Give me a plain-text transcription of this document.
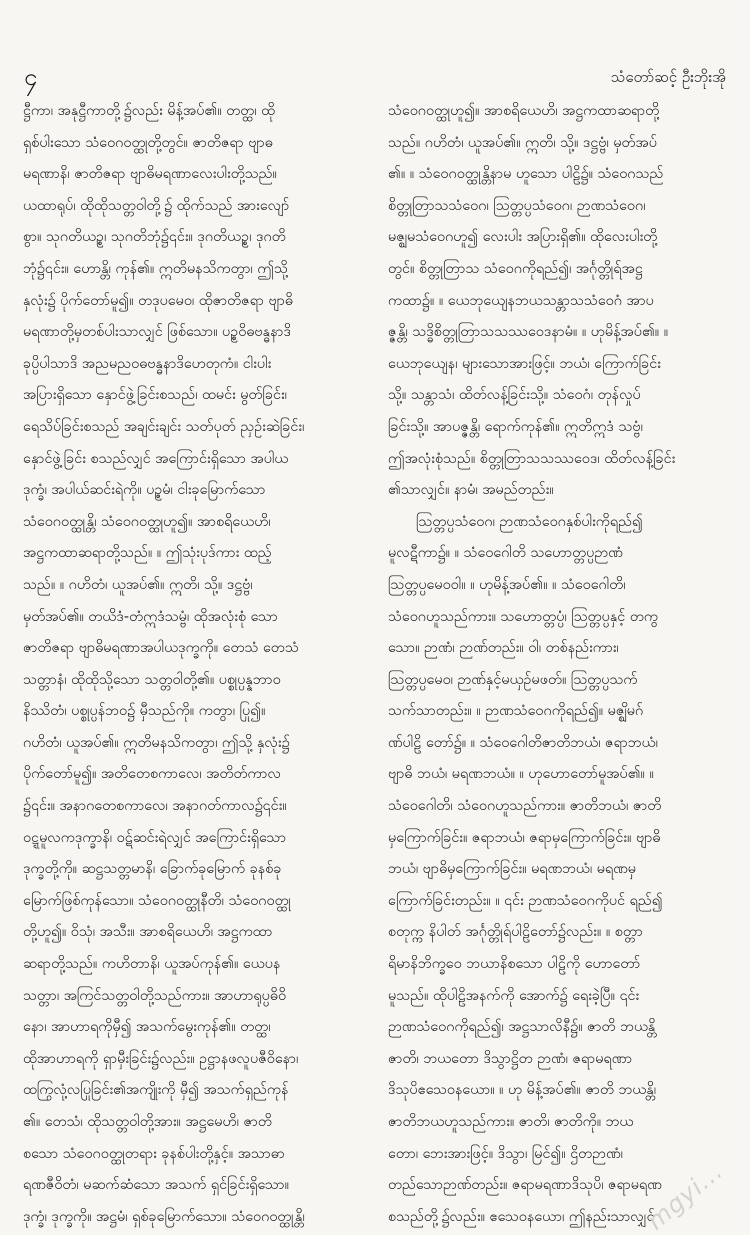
၄	သံတော်ဆင့် ဦးဘိုးအို
ဋ္ဌီကာ၊ အနုဋ္ဌီကာတို့၌လည်း မိန့်အပ်၏။ တတ္ထ၊ ထို
ရှစ်ပါးသော သံဝေဂဝတ္ထုတို့တွင်။ ဇာတိဇရာ ဗျာဓ
မရဏာနိ၊ ဇာတိဇရာ ဗျာဓိမရဏာလေးပါးတို့သည်။
ယထာရုပ်၊ ထိုထိုသတ္တဝါတို့၌ ထိုက်သည် အားလျော်
စွာ။ သုဂတိယဥ္စ၊ သုဂတိဘုံ၌၎င်း။ ဒုဂတိယဥ္စ၊ ဒုဂတိ
ဘုံ၌၎င်း။ ဟောန္တိ၊ ကုန်၏။ ဣတိမနသိကတွာ၊ ဤသို့
နှလုံး၌ ပိုက်တော်မူ၍။ တဒုပမေဝ၊ ထိုဇာတိဇရာ ဗျာဓိ
မရဏာတို့မှတစ်ပါးသာလျှင် ဖြစ်သော။ ပဥ္စဝိဓဗန္ဓနာဒိ
ခုပ္ပိပါသာဒိ အညမညဝဓဗန္ဓနာဒိဟေတုကံ။ ငါးပါး
အပြားရှိသော နှောင်ဖွဲ့ခြင်းစသည်၊ ထမင်း မွတ်ခြင်း၊
ရေသိပ်ခြင်းစသည် အချင်းချင်း သတ်ပုတ် ညှဉ်းဆဲခြင်း၊
နှောင်ဖွဲ့ခြင်း စသည်လျှင် အကြောင်းရှိသော အပါယ
ဒုက္ခံ၊ အပါယ်ဆင်းရဲကို။ ပဥ္စမံ၊ ငါးခုမြောက်သော
သံဝေဂဝတ္ထုန္တိ၊ သံဝေဂဝတ္ထုဟူ၍။ အာစရိယေဟိ၊
အဋ္ဌကထာဆရာတို့သည်။ ။ ဤသုံးပုဒ်ကား ထည့်
သည်။ ။ ဂဟိတံ၊ ယူအပ်၏။ ဣတိ၊ သို့။ ဒဋ္ဌဗ္ဗံ၊
မှတ်အပ်၏။ တယိဒံ-တံဣဒံသမ္ဗံ၊ ထိုအလုံးစုံ သော
ဇာတိဇရာ ဗျာဓိမရဏာအပါယဒုက္ခကို။ တေသံ တေသံ
သတ္တာနံ၊ ထိုထိုသို့သော သတ္တဝါတို့၏။ ပစ္စုပ္ပန္နဘာဝ
နိဿိတံ၊ ပစ္စုပ္ပန်ဘဝ၌ မှီသည်ကို။ ကတွာ၊ ပြု၍။
ဂဟိတံ၊ ယူအပ်၏။ ဣတိမနသိကတွာ၊ ဤသို့ နှလုံး၌
ပိုက်တော်မူ၍။ အတိတေစကာလေ၊ အတိတ်ကာလ
၌၎င်း။ အနာဂတေစကာလေ၊ အနာဂတ်ကာလ၌၎င်း။
ဝဋ္ဋမူလကဒုက္ခာနိ၊ ဝဋ်ဆင်းရဲလျှင် အကြောင်းရှိသော
ဒုက္ခတို့ကို။ ဆဋ္ဌသတ္တမာနိ၊ ခြောက်ခုမြောက် ခုနစ်ခု
မြောက်ဖြစ်ကုန်သော။ သံဝေဂဝတ္ထုနီတိ၊ သံဝေဂဝတ္ထု
တို့ဟူ၍။ ဝိသုံ၊ အသီး။ အာစရိယေဟိ၊ အဋ္ဌကထာ
ဆရာတို့သည်။ ကဟိတာနိ၊ ယူအပ်ကုန်၏။ ယေပန
သတ္တာ၊ အကြင်သတ္တဝါတို့သည်ကား။ အာဟာရုပ္ပဓိဝိ
နော၊ အာဟာရကိုမှီ၍ အသက်မွေးကုန်၏။ တတ္ထ၊
ထိုအာဟာရကို ရှာမှီးခြင်း၌လည်း။ ဥဋ္ဌာနဖလူပဇီဝိနော၊
ထကြွလုံ့လပြုခြင်း၏အကျိုးကို မှီ၍ အသက်ရှည်ကုန်
၏။ တေသံ၊ ထိုသတ္တဝါတို့အား။ အဋ္ဌမေဟိ၊ ဇာတိ
စသော သံဝေဂဝတ္ထုတရား ခုနစ်ပါးတို့နှင့်။ အသာဓာ
ရဏဇီဝိတံ၊ မဆက်ဆံသော အသက် ရှင်ခြင်းရှိသော။
ဒုက္ခံ၊ ဒုက္ခကို။ အဋ္ဌမံ၊ ရှစ်ခုမြောက်သော။ သံဝေဂဝတ္ထုန္တိ၊
သံဝေဂဝတ္ထုဟူ၍။ အာစရိယေဟိ၊ အဋ္ဌကထာဆရာတို့
သည်။ ဂဟိတံ၊ ယူအပ်၏။ ဣတိ၊ သို့။ ဒဋ္ဌဗ္ဗံ၊ မှတ်အပ်
၏။ ။ သံဝေဂဝတ္ထုန္တိနာမ ဟူသော ပါဠိ၌။ သံဝေဂသည်
စိတ္တုတြာသသံဝေဂ၊ ဩတ္တပ္ပသံဝေဂ၊ ဉာဏသံဝေဂ၊
မဇ္ဈမသံဝေဂဟူ၍ လေးပါး အပြားရှိ၏။ ထိုလေးပါးတို့
တွင်။ စိတ္တုတြာသ သံဝေဂကိုရည်၍၊ အင်္ဂုတ္တိုရ်အဋ္ဌ
ကထာ၌။ ။ ယေဘုယျေနဘယသန္တာသသံဝေဂံ အာပ
ဇ္ဇန္တိ၊ သဒ္ဓိစိတ္တုတြာသသဿဝေဒနာမံ။ ။ ဟုမိန့်အပ်၏။ ။
ယေဘုယျေန၊ များသောအားဖြင့်။ ဘယံ၊ ကြောက်ခြင်း
သို့။ သန္တာသံ၊ ထိတ်လန့်ခြင်းသို့။ သံဝေဂံ၊ တုန်လှုပ်
ခြင်းသို့။ အာပဇ္ဇန္တိ၊ ရောက်ကုန်၏။ ဣတိဣဒံ သဗ္ဗံ၊
ဤအလုံးစုံသည်။ စိတ္တုတြာသသဿဝေဒ၊ ထိတ်လန့်ခြင်း
၏သာလျှင်။ နာမံ၊ အမည်တည်း။
ဩတ္တပ္ပသံဝေဂ၊ ဉာဏသံဝေဂနှစ်ပါးကိုရည်၍
မူလဋီကာ၌။ ။ သံဝေဂေါတိ သဟောတ္တပ္ပဉာဏံ
ဩတ္တပ္ပမေဝဝါ။ ။ ဟုမိန့်အပ်၏။ ။ သံဝေဂေါတိ၊
သံဝေဂဟူသည်ကား။ သဟောတ္တပ္ပံ၊ ဩတ္တပ္ပနှင့် တကွ
သော။ ဉာဏံ၊ ဉာဏ်တည်း။ ဝါ၊ တစ်နည်းကား၊
ဩတ္တပ္ပမေဝ၊ ဉာဏ်နှင့်မယှဉ်မဖတ်။ ဩတ္တပ္ပသက်
သက်သာတည်း။ ။ ဉာဏသံဝေဂကိုရည်၍။ မဇ္ဈိမဂ်
ဏ်ပါဠိ တော်၌။ ။ သံဝေဂေါတိဇာတိဘယံ၊ ဇရာဘယံ၊
ဗျာဓိ ဘယံ၊ မရဏဘယံ။ ။ ဟုဟောတော်မူအပ်၏။ ။
သံဝေဂေါတိ၊ သံဝေဂဟူသည်ကား။ ဇာတိဘယံ၊ ဇာတိ
မှကြောက်ခြင်း။ ဇရာဘယံ၊ ဇရာမှကြောက်ခြင်း။ ဗျာဓိ
ဘယံ၊ ဗျာဓိမှကြောက်ခြင်း။ မရဏဘယံ၊ မရဏမှ
ကြောက်ခြင်းတည်း။ ။ ၎င်း ဉာဏသံဝေဂကိုပင် ရည်၍
စတုက္က နိပါတ် အင်္ဂုတ္တိုရ်ပါဠိတော်၌လည်း။ ။ စတ္တာ
ရိမာနိဘိက္ခဝေ ဘယာနိစသော ပါဠိကို ဟောတော်
မူသည်။ ထိုပါဠိအနက်ကို အောက်၌ ရေးခဲ့ပြီ။ ၎င်း
ဉာဏသံဝေဂကိုရည်၍၊ အဋ္ဌသာလိနီ၌။ ဇာတိ ဘယန္တိ
ဇာတိ၊ ဘယတော ဒိသွာဋ္ဌိတ ဉာဏံ၊ ဇရာမရဏာ
ဒိသုပိဧသေဝနယော။ ။ ဟု မိန့်အပ်၏။ ဇာတိ ဘယန္တိ၊
ဇာတိဘယဟူသည်ကား။ ဇာတိ၊ ဇာတိကို။ ဘယ
တော၊ ဘေးအားဖြင့်။ ဒိသွာ၊ မြင်၍။ ဌိတဉာဏံ၊
တည်သောဉာဏ်တည်း။ ဇရာမရဏာဒိသုပိ၊ ဇရာမရဏ
စသည်တို့၌လည်း။ ဧသေဝနယော၊ ဤနည်းသာလျှင်
mgyi...
